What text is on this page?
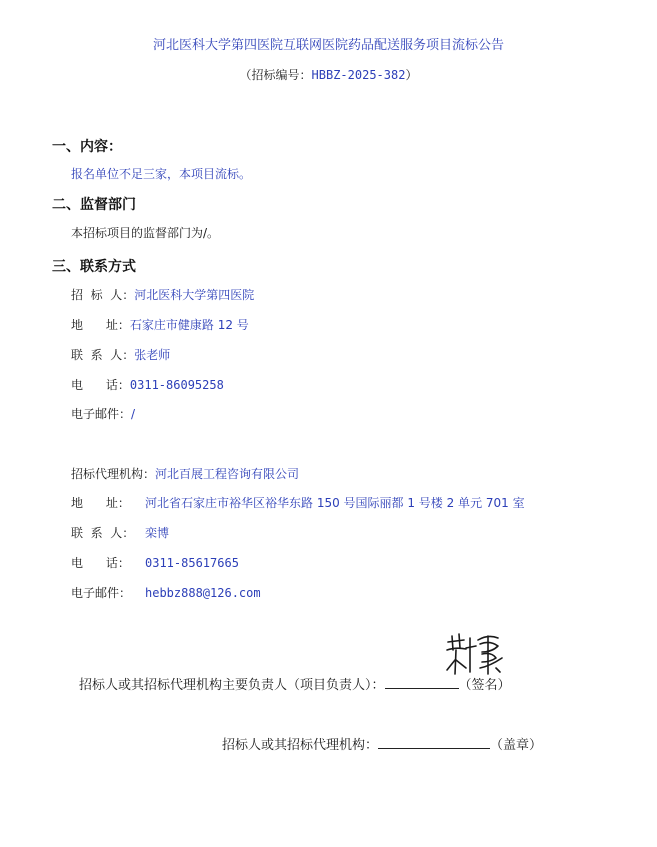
河北医科大学第四医院互联网医院药品配送服务项目流标公告
（招标编号：HBBZ-2025-382）
一、内容：
报名单位不足三家，本项目流标。
二、监督部门
本招标项目的监督部门为/。
三、联系方式
招  标  人：河北医科大学第四医院
地      址：石家庄市健康路 12 号
联  系  人：张老师
电      话：0311-86095258
电子邮件：/
招标代理机构：河北百展工程咨询有限公司
地      址： 河北省石家庄市裕华区裕华东路 150 号国际丽都 1 号楼 2 单元 701 室
联  系  人： 栾博
电      话： 0311-85617665
电子邮件： hebbz888@126.com
招标人或其招标代理机构主要负责人（项目负责人）：	（签名）
招标人或其招标代理机构：	（盖章）
